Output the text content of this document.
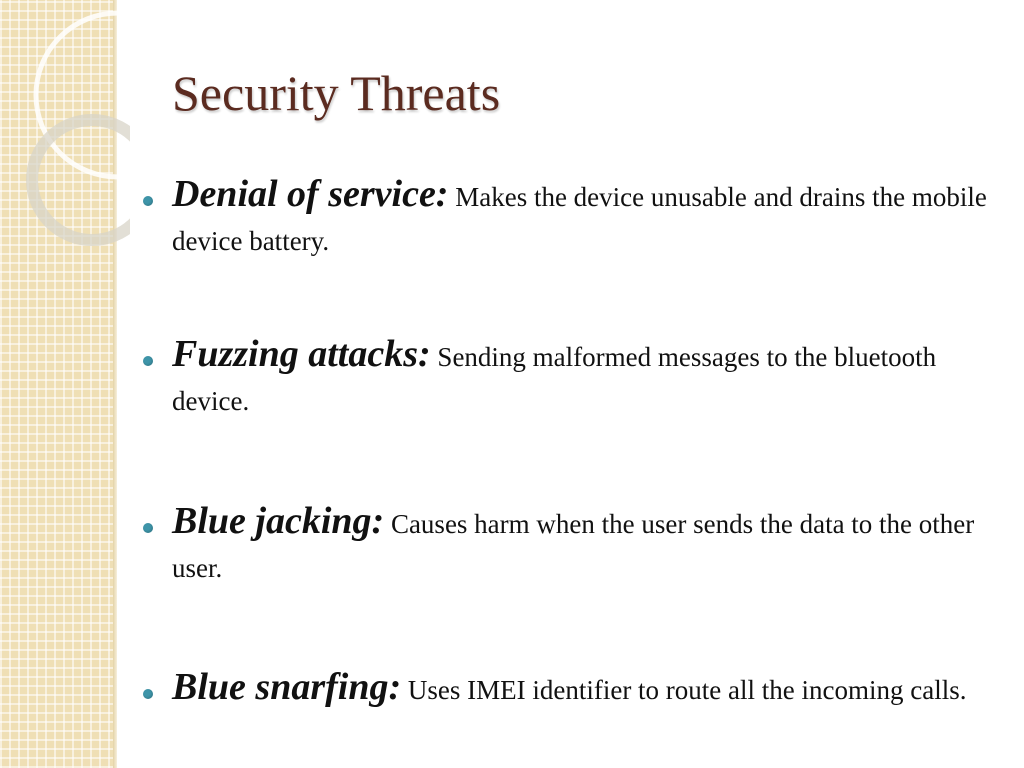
Security Threats
Denial of service: Makes the device unusable and drains the mobile device battery.
Fuzzing attacks: Sending malformed messages to the bluetooth device.
Blue jacking: Causes harm when the user sends the data to the other user.
Blue snarfing: Uses IMEI identifier to route all the incoming calls.
